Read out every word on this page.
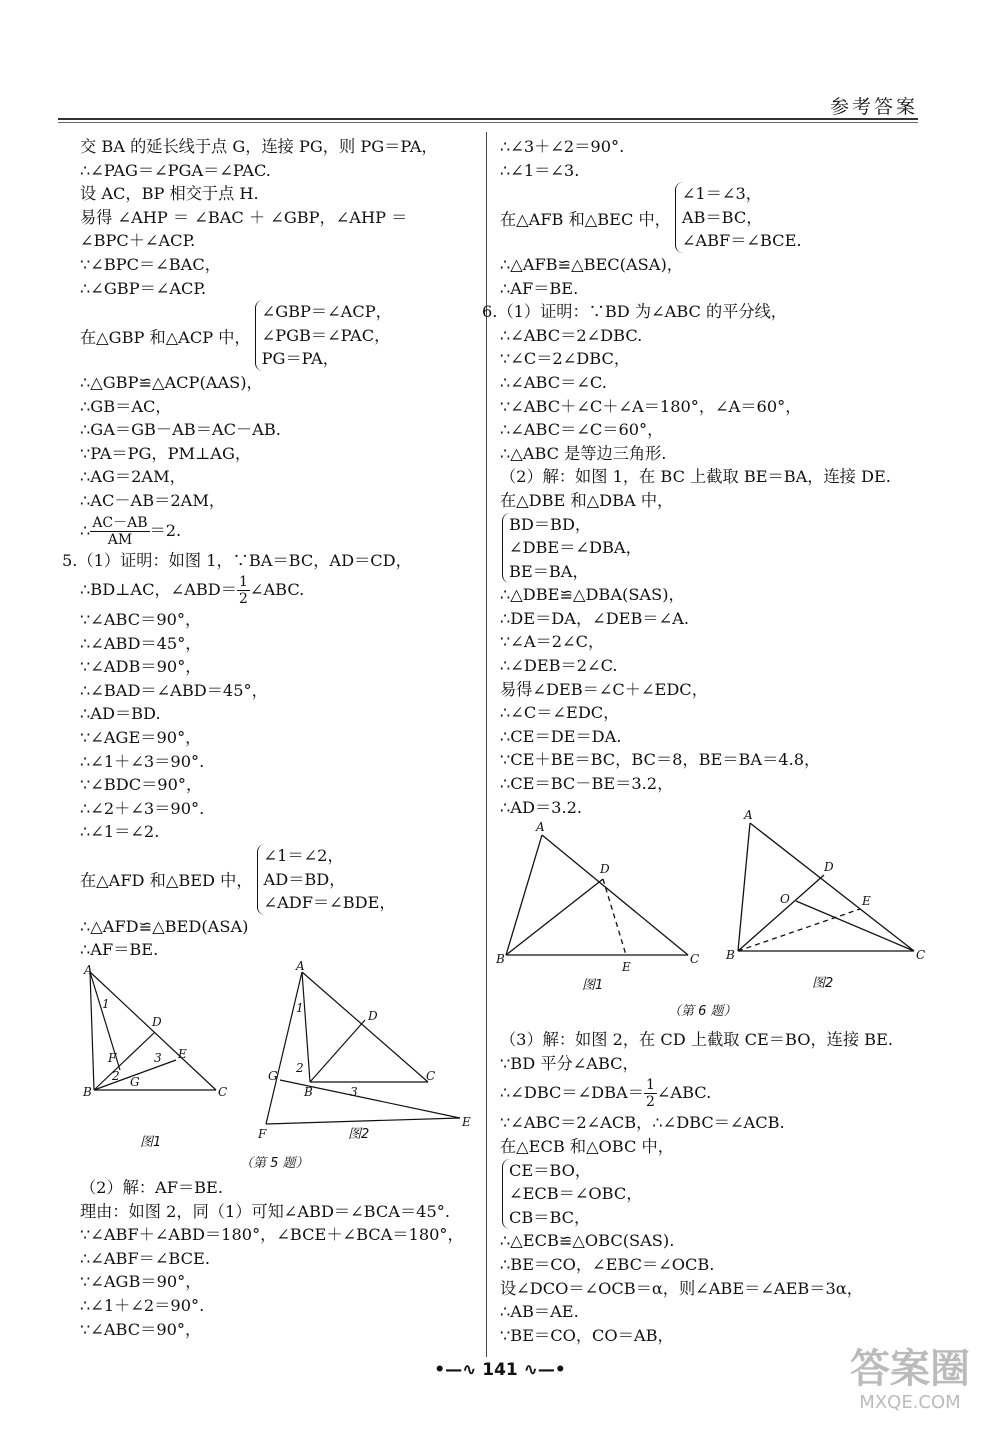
参考答案
交 BA 的延长线于点 G，连接 PG，则 PG＝PA，
∴∠PAG＝∠PGA＝∠PAC.
设 AC，BP 相交于点 H.
易得 ∠AHP ＝ ∠BAC ＋ ∠GBP，∠AHP ＝
∠BPC＋∠ACP.
∵∠BPC＝∠BAC，
∴∠GBP＝∠ACP.
在△GBP 和△ACP 中，
∠GBP＝∠ACP，
∠PGB＝∠PAC，
PG＝PA，
∴△GBP≌△ACP(AAS)，
∴GB＝AC，
∴GA＝GB－AB＝AC－AB.
∵PA＝PG，PM⊥AG，
∴AG＝2AM，
∴AC－AB＝2AM，
∴ $\frac{AC-AB}{AM} =2$.
5.（1）证明：如图 1，∵BA＝BC，AD＝CD，
∴BD⊥AC，∠ABD＝ $\frac{1}{2}$ ∠ABC.
∵∠ABC＝90°，
∴∠ABD＝45°，
∵∠ADB＝90°，
∴∠BAD＝∠ABD＝45°，
∴AD＝BD.
∵∠AGE＝90°，
∴∠1＋∠3＝90°.
∵∠BDC＝90°，
∴∠2＋∠3＝90°.
∴∠1＝∠2.
在△AFD 和△BED 中，
∠1＝∠2，
AD＝BD，
∠ADF＝∠BDE，
∴△AFD≌△BED(ASA)
∴AF＝BE.
A
B	C
D
E
F
G
1
2
3
图1
A
B
C
D
E
F
G
1
2
3
图2
（第 5 题）
（2）解：AF＝BE.
理由：如图 2，同（1）可知∠ABD＝∠BCA＝45°.
∵∠ABF＋∠ABD＝180°，∠BCE＋∠BCA＝180°，
∴∠ABF＝∠BCE.
∵∠AGB＝90°，
∴∠1＋∠2＝90°.
∵∠ABC＝90°，
∴∠3＋∠2＝90°.
∴∠1＝∠3.
在△AFB 和△BEC 中，
∠1＝∠3，
AB＝BC，
∠ABF＝∠BCE.
∴△AFB≌△BEC(ASA)，
∴AF＝BE.
6.（1）证明：∵BD 为∠ABC 的平分线，
∴∠ABC＝2∠DBC.
∵∠C＝2∠DBC，
∴∠ABC＝∠C.
∵∠ABC＋∠C＋∠A＝180°，∠A＝60°，
∴∠ABC＝∠C＝60°，
∴△ABC 是等边三角形.
（2）解：如图 1，在 BC 上截取 BE＝BA，连接 DE.
在△DBE 和△DBA 中，
BD＝BD，
∠DBE＝∠DBA，
BE＝BA，
∴△DBE≌△DBA(SAS)，
∴DE＝DA，∠DEB＝∠A.
∵∠A＝2∠C，
∴∠DEB＝2∠C.
易得∠DEB＝∠C＋∠EDC，
∴∠C＝∠EDC，
∴CE＝DE＝DA.
∵CE＋BE＝BC，BC＝8，BE＝BA＝4.8，
∴CE＝BC－BE＝3.2，
∴AD＝3.2.
A
B	C
D
E
图1
A
B	C
D
E
O
图2
（第 6 题）
（3）解：如图 2，在 CD 上截取 CE＝BO，连接 BE.
∵BD 平分∠ABC，
∴∠DBC＝∠DBA＝ $\frac{1}{2}$ ∠ABC.
∵∠ABC＝2∠ACB，∴∠DBC＝∠ACB.
在△ECB 和△OBC 中，
CE＝BO，
∠ECB＝∠OBC，
CB＝BC，
∴△ECB≌△OBC(SAS).
∴BE＝CO，∠EBC＝∠OCB.
设∠DCO＝∠OCB＝α，则∠ABE＝∠AEB＝3α，
∴AB＝AE.
∵BE＝CO，CO＝AB，
•—∿ 141 ∿—•	答案圈
MXQE.COM
